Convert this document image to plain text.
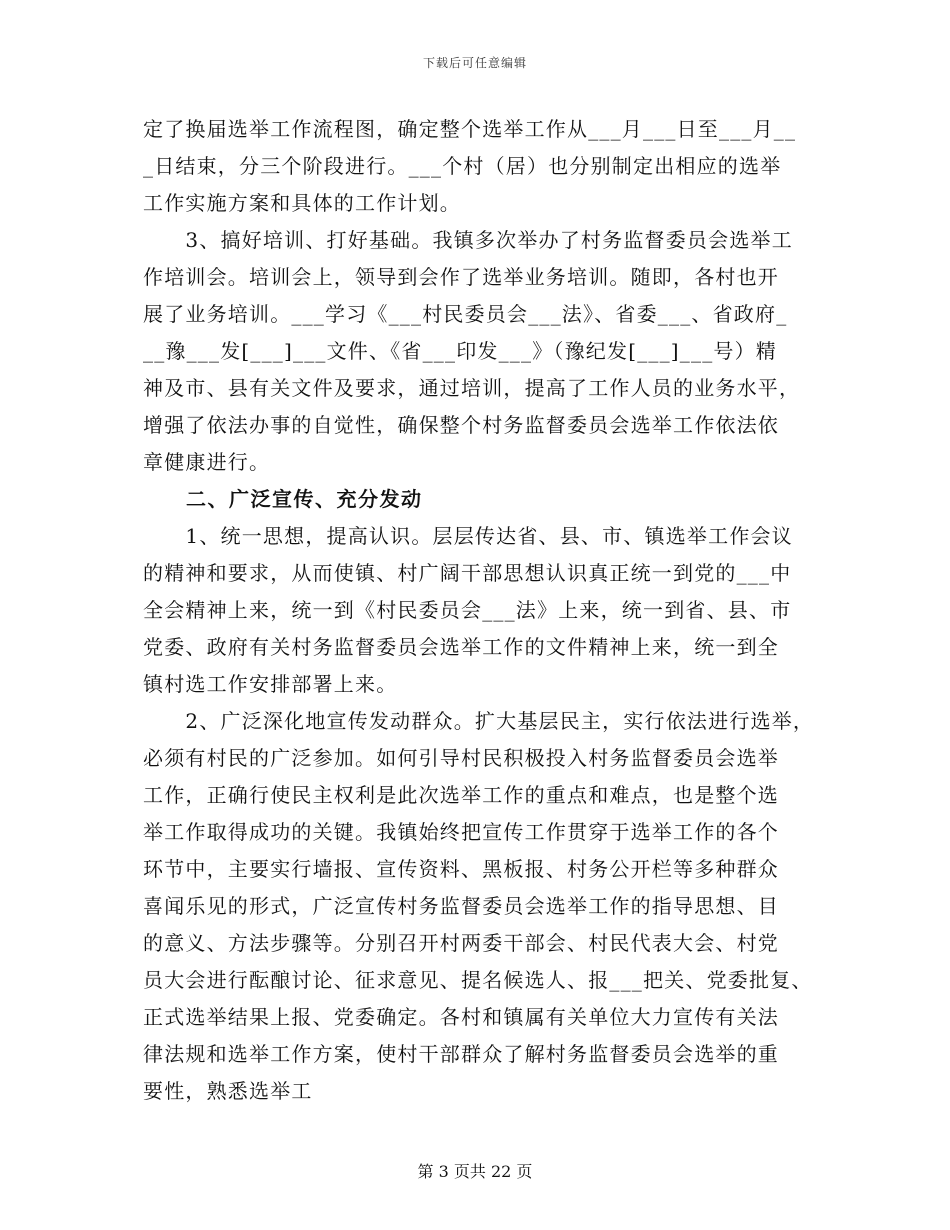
下载后可任意编辑
定了换届选举工作流程图，确定整个选举工作从___月___日至___月__
_日结束，分三个阶段进行。___个村（居）也分别制定出相应的选举
工作实施方案和具体的工作计划。
　　3、搞好培训、打好基础。我镇多次举办了村务监督委员会选举工
作培训会。培训会上，领导到会作了选举业务培训。随即，各村也开
展了业务培训。___学习《___村民委员会___法》、省委___、省政府_
__豫___发[___]___文件、《省___印发___》（豫纪发[___]___号）精
神及市、县有关文件及要求，通过培训，提高了工作人员的业务水平，
增强了依法办事的自觉性，确保整个村务监督委员会选举工作依法依
章健康进行。
　　二、广泛宣传、充分发动
　　1、统一思想，提高认识。层层传达省、县、市、镇选举工作会议
的精神和要求，从而使镇、村广阔干部思想认识真正统一到党的___中
全会精神上来，统一到《村民委员会___法》上来，统一到省、县、市
党委、政府有关村务监督委员会选举工作的文件精神上来，统一到全
镇村选工作安排部署上来。
　　2、广泛深化地宣传发动群众。扩大基层民主，实行依法进行选举，
必须有村民的广泛参加。如何引导村民积极投入村务监督委员会选举
工作，正确行使民主权利是此次选举工作的重点和难点，也是整个选
举工作取得成功的关键。我镇始终把宣传工作贯穿于选举工作的各个
环节中，主要实行墙报、宣传资料、黑板报、村务公开栏等多种群众
喜闻乐见的形式，广泛宣传村务监督委员会选举工作的指导思想、目
的意义、方法步骤等。分别召开村两委干部会、村民代表大会、村党
员大会进行酝酿讨论、征求意见、提名候选人、报___把关、党委批复、
正式选举结果上报、党委确定。各村和镇属有关单位大力宣传有关法
律法规和选举工作方案，使村干部群众了解村务监督委员会选举的重
要性，熟悉选举工
第 3 页共 22 页
